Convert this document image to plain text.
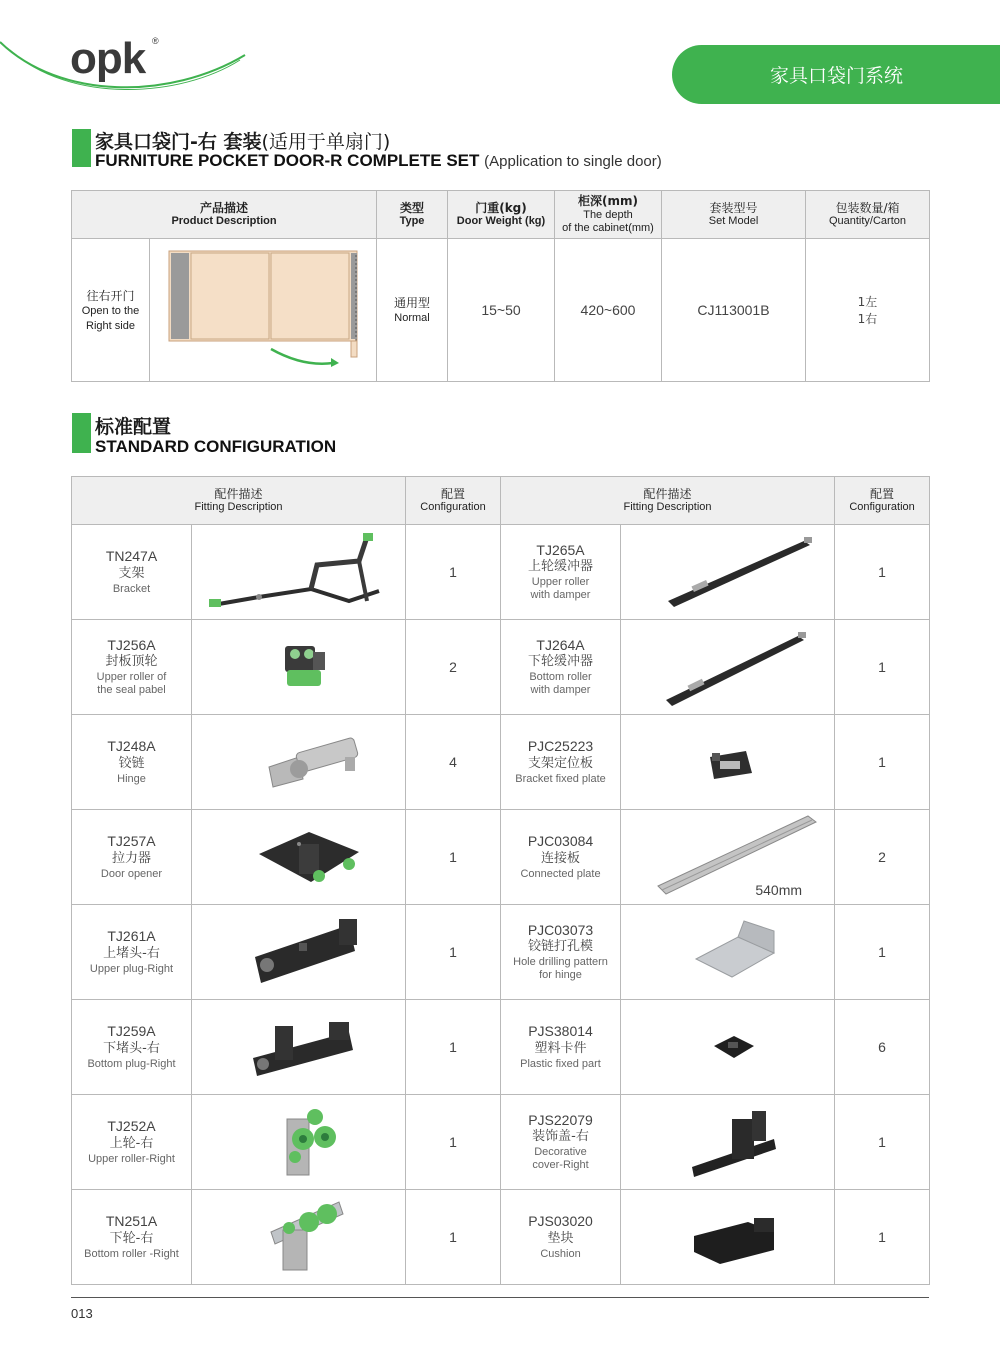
opk ®
家具口袋门系统
家具口袋门-右 套装(适用于单扇门)
FURNITURE POCKET DOOR-R COMPLETE SET (Application to single door)
产品描述
Product Description		类型
Type	门重(kg)
Door Weight (kg)	柜深(mm)
The depth
of the cabinet(mm)	套装型号
Set Model	包装数量/箱
Quantity/Carton

往右开门
Open to the
Right side		通用型
Normal	15~50	420~600	CJ113001B	1左
1右
标准配置
STANDARD CONFIGURATION
配件描述
Fitting Description		配置
Configuration	配件描述
Fitting Description		配置
Configuration

TN247A
支架
Bracket		1	TJ265A
上轮缓冲器
Upper roller
with damper		1

TJ256A
封板顶轮
Upper roller of
the seal pabel		2	TJ264A
下轮缓冲器
Bottom roller
with damper		1

TJ248A
铰链
Hinge		4	PJC25223
支架定位板
Bracket fixed plate		1

TJ257A
拉力器
Door opener		1	PJC03084
连接板
Connected plate	540mm	2

TJ261A
上堵头-右
Upper plug-Right		1	PJC03073
铰链打孔模
Hole drilling pattern
for hinge		1

TJ259A
下堵头-右
Bottom plug-Right		1	PJS38014
塑料卡件
Plastic fixed part		6

TJ252A
上轮-右
Upper roller-Right		1	PJS22079
装饰盖-右
Decorative
cover-Right		1

TN251A
下轮-右
Bottom roller -Right		1	PJS03020
垫块
Cushion		1
013
